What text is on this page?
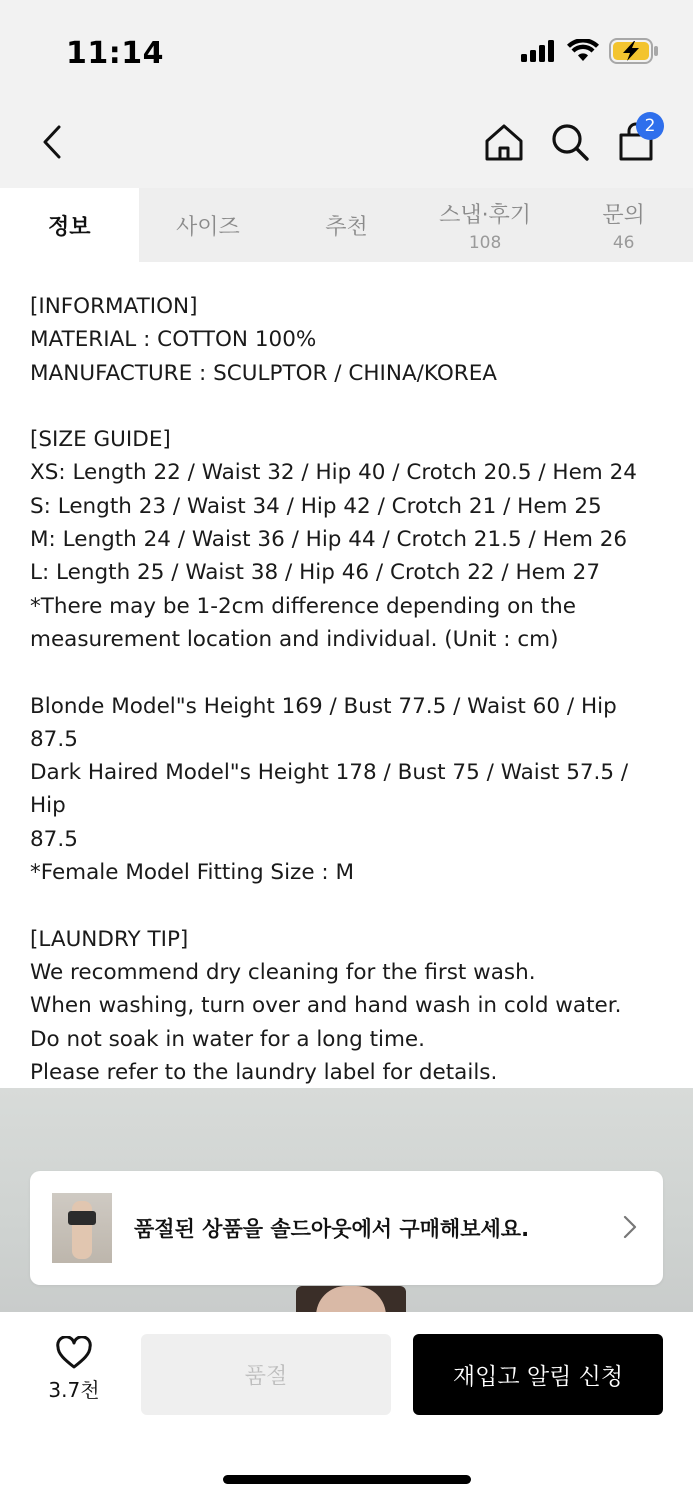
11:14
2
정보	사이즈	추천	스냅·후기
108
문의
46

[INFORMATION]

MATERIAL : COTTON 100%

MANUFACTURE : SCULPTOR / CHINA/KOREA

[SIZE GUIDE]

XS: Length 22 / Waist 32 / Hip 40 / Crotch 20.5 / Hem 24

S: Length 23 / Waist 34 / Hip 42 / Crotch 21 / Hem 25

M: Length 24 / Waist 36 / Hip 44 / Crotch 21.5 / Hem 26

L: Length 25 / Waist 38 / Hip 46 / Crotch 22 / Hem 27

*There may be 1-2cm difference depending on the

measurement location and individual. (Unit : cm)

Blonde Model"s Height 169 / Bust 77.5 / Waist 60 / Hip 87.5

Dark Haired Model"s Height 178 / Bust 75 / Waist 57.5 / Hip

87.5

*Female Model Fitting Size : M

[LAUNDRY TIP]

We recommend dry cleaning for the first wash.

When washing, turn over and hand wash in cold water.

Do not soak in water for a long time.

Please refer to the laundry label for details.

품절된 상품을 솔드아웃에서 구매해보세요.
3.7천
품절	재입고 알림 신청
